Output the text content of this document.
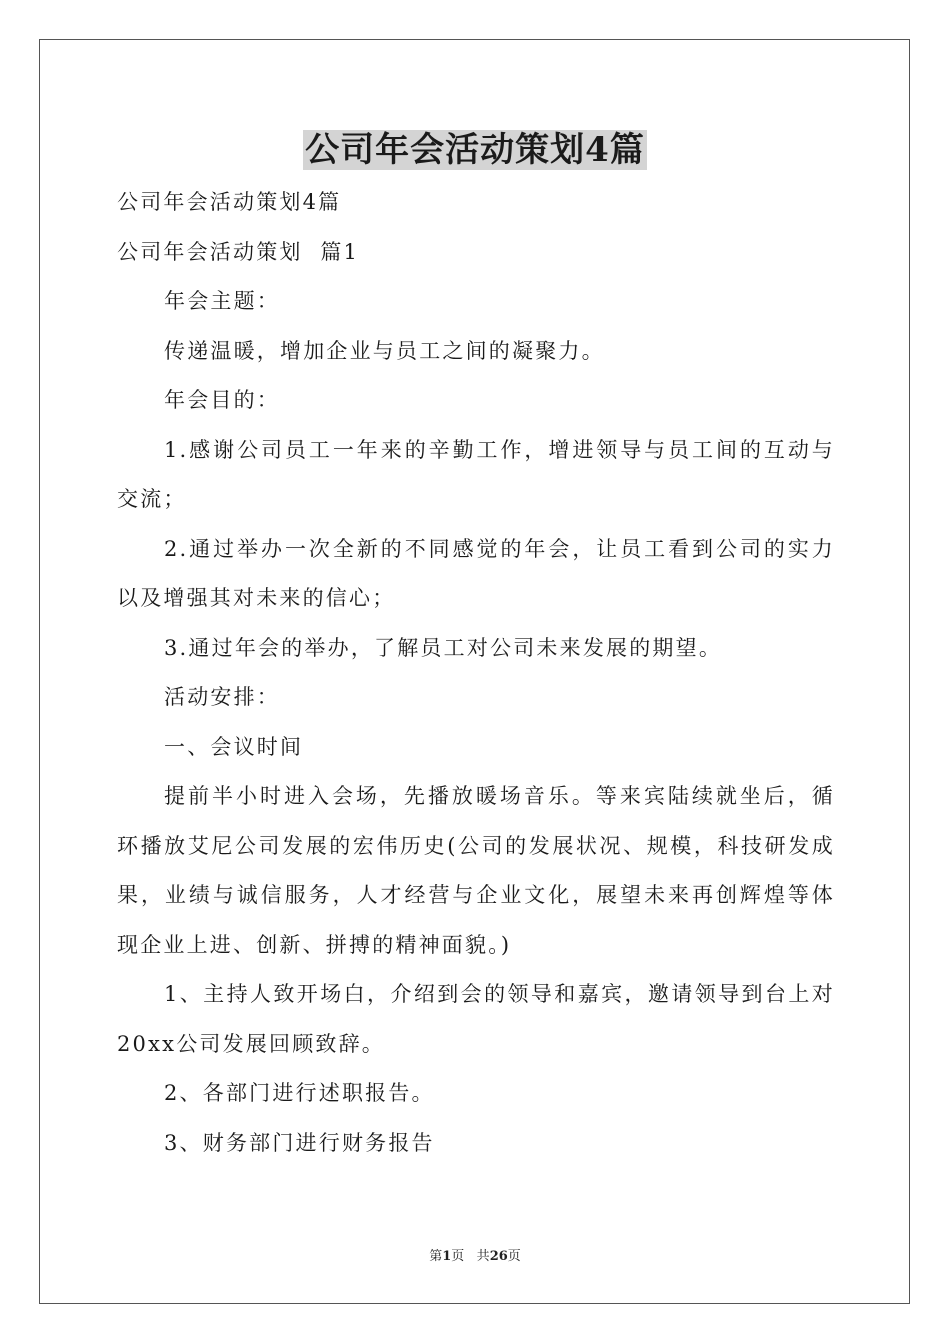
公司年会活动策划4篇

公司年会活动策划4篇

公司年会活动策划  篇1

年会主题：

传递温暖，增加企业与员工之间的凝聚力。

年会目的：

1.感谢公司员工一年来的辛勤工作，增进领导与员工间的互动与交流；

2.通过举办一次全新的不同感觉的年会，让员工看到公司的实力以及增强其对未来的信心；

3.通过年会的举办，了解员工对公司未来发展的期望。

活动安排：

一、会议时间

提前半小时进入会场，先播放暖场音乐。等来宾陆续就坐后，循环播放艾尼公司发展的宏伟历史(公司的发展状况、规模，科技研发成果，业绩与诚信服务，人才经营与企业文化，展望未来再创辉煌等体现企业上进、创新、拼搏的精神面貌。)

1、主持人致开场白，介绍到会的领导和嘉宾，邀请领导到台上对20xx公司发展回顾致辞。

2、各部门进行述职报告。

3、财务部门进行财务报告

第1页 共26页
